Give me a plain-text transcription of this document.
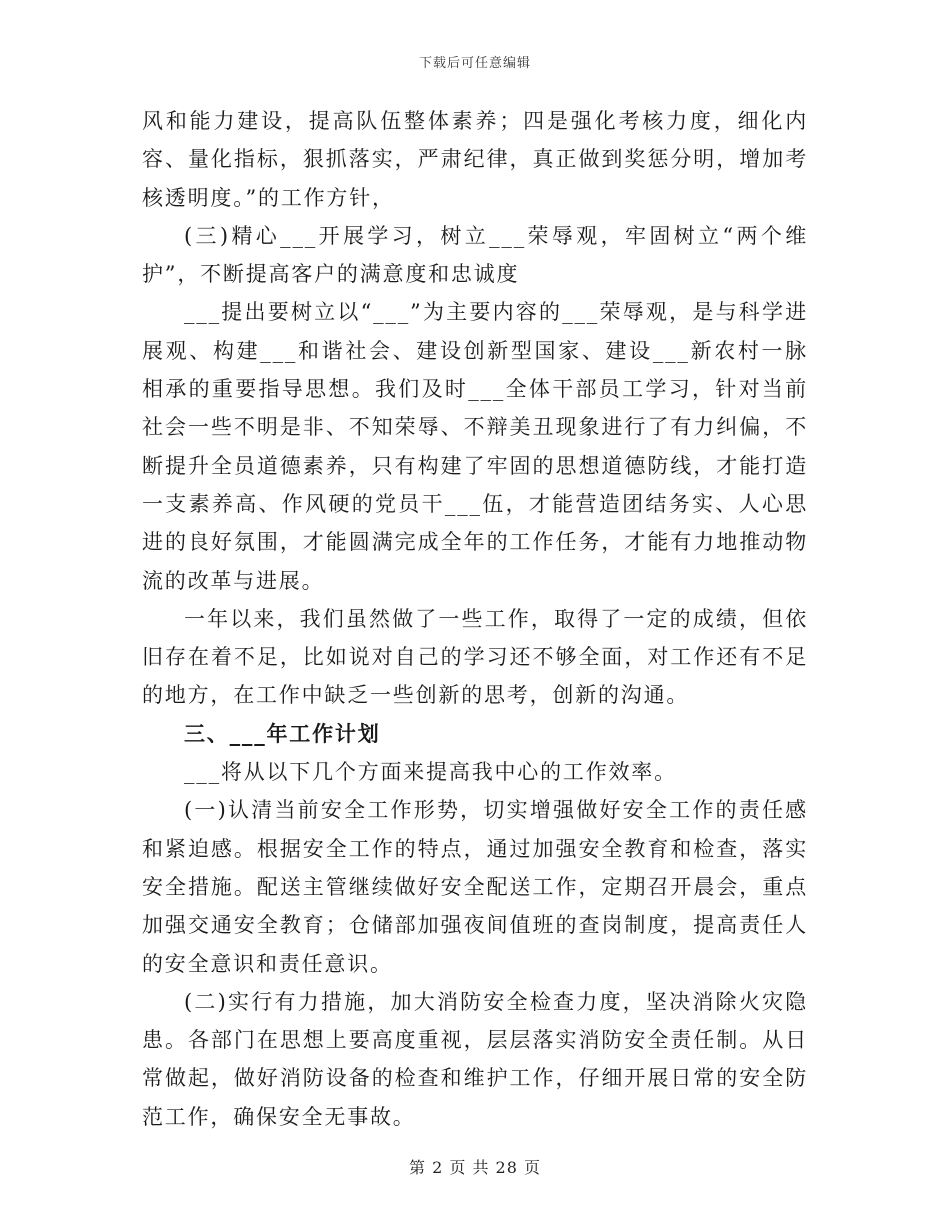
下载后可任意编辑

风和能力建设，提高队伍整体素养；四是强化考核力度，细化内容、量化指标，狠抓落实，严肃纪律，真正做到奖惩分明，增加考核透明度。”的工作方针，

(三)精心___开展学习，树立___荣辱观，牢固树立“两个维护”，不断提高客户的满意度和忠诚度

___提出要树立以“___”为主要内容的___荣辱观，是与科学进展观、构建___和谐社会、建设创新型国家、建设___新农村一脉相承的重要指导思想。我们及时___全体干部员工学习，针对当前社会一些不明是非、不知荣辱、不辩美丑现象进行了有力纠偏，不断提升全员道德素养，只有构建了牢固的思想道德防线，才能打造一支素养高、作风硬的党员干___伍，才能营造团结务实、人心思进的良好氛围，才能圆满完成全年的工作任务，才能有力地推动物流的改革与进展。

一年以来，我们虽然做了一些工作，取得了一定的成绩，但依旧存在着不足，比如说对自己的学习还不够全面，对工作还有不足的地方，在工作中缺乏一些创新的思考，创新的沟通。

三、___年工作计划

___将从以下几个方面来提高我中心的工作效率。

(一)认清当前安全工作形势，切实增强做好安全工作的责任感和紧迫感。根据安全工作的特点，通过加强安全教育和检查，落实安全措施。配送主管继续做好安全配送工作，定期召开晨会，重点加强交通安全教育；仓储部加强夜间值班的查岗制度，提高责任人的安全意识和责任意识。

(二)实行有力措施，加大消防安全检查力度，坚决消除火灾隐患。各部门在思想上要高度重视，层层落实消防安全责任制。从日常做起，做好消防设备的检查和维护工作，仔细开展日常的安全防范工作，确保安全无事故。

第 2 页 共 28 页
